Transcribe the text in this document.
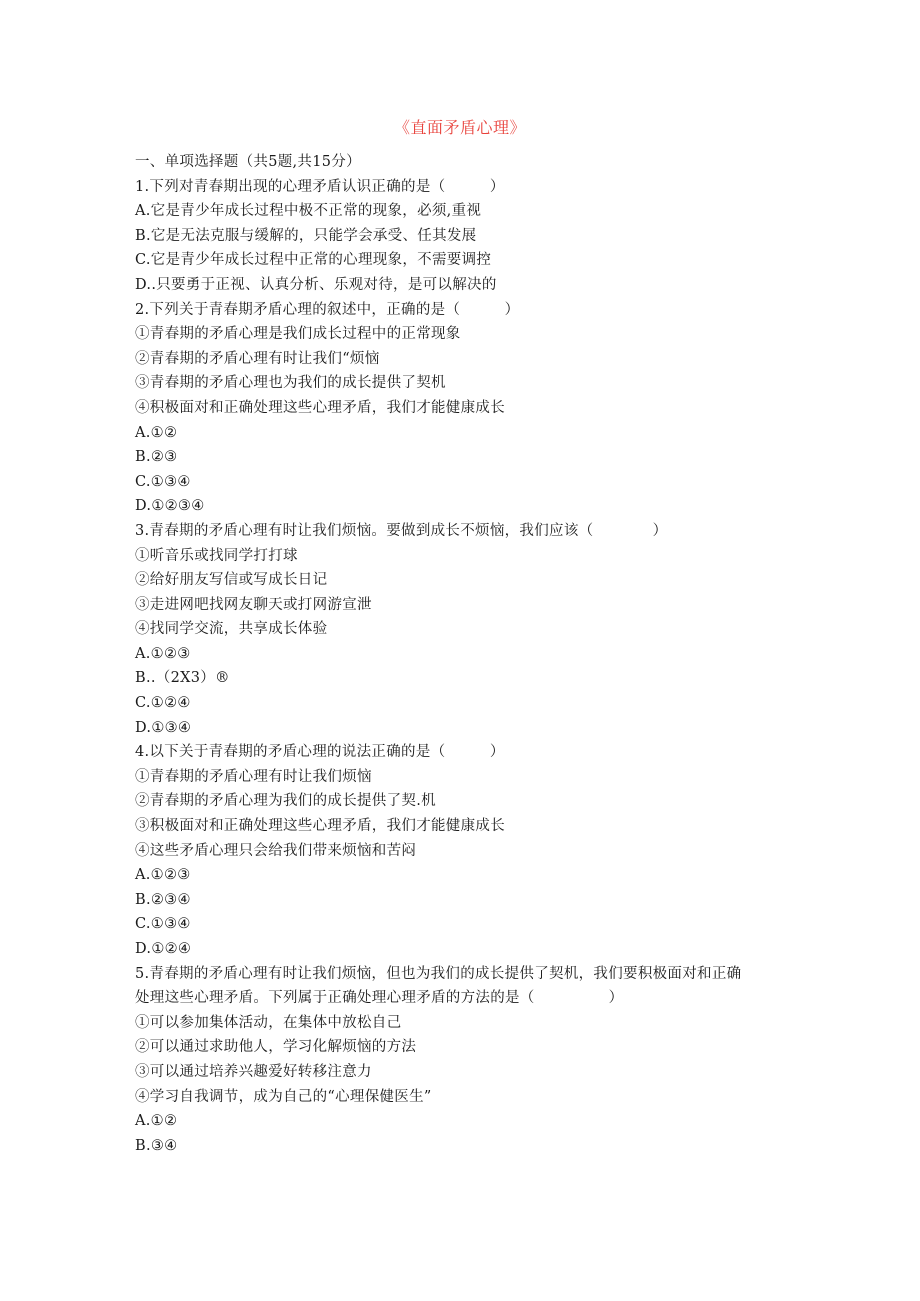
《直面矛盾心理》
一、单项选择题（共5题,共15分）
1.下列对青春期出现的心理矛盾认识正确的是（　　　）
A.它是青少年成长过程中极不正常的现象，必须,重视
B.它是无法克服与缓解的，只能学会承受、任其发展
C.它是青少年成长过程中正常的心理现象，不需要调控
D..只要勇于正视、认真分析、乐观对待，是可以解决的
2.下列关于青春期矛盾心理的叙述中，正确的是（　　　）
①青春期的矛盾心理是我们成长过程中的正常现象
②青春期的矛盾心理有时让我们“烦恼
③青春期的矛盾心理也为我们的成长提供了契机
④积极面对和正确处理这些心理矛盾，我们才能健康成长
A.①②
B.②③
C.①③④
D.①②③④
3.青春期的矛盾心理有时让我们烦恼。要做到成长不烦恼，我们应该（　　　　）
①听音乐或找同学打打球
②给好朋友写信或写成长日记
③走进网吧找网友聊天或打网游宣泄
④找同学交流，共享成长体验
A.①②③
B..（2X3）®
C.①②④
D.①③④
4.以下关于青春期的矛盾心理的说法正确的是（　　　）
①青春期的矛盾心理有时让我们烦恼
②青春期的矛盾心理为我们的成长提供了契.机
③积极面对和正确处理这些心理矛盾，我们才能健康成长
④这些矛盾心理只会给我们带来烦恼和苦闷
A.①②③
B.②③④
C.①③④
D.①②④
5.青春期的矛盾心理有时让我们烦恼，但也为我们的成长提供了契机，我们要积极面对和正确
处理这些心理矛盾。下列属于正确处理心理矛盾的方法的是（　　　　　）
①可以参加集体活动，在集体中放松自己
②可以通过求助他人，学习化解烦恼的方法
③可以通过培养兴趣爱好转移注意力
④学习自我调节，成为自己的“心理保健医生”
A.①②
B.③④
